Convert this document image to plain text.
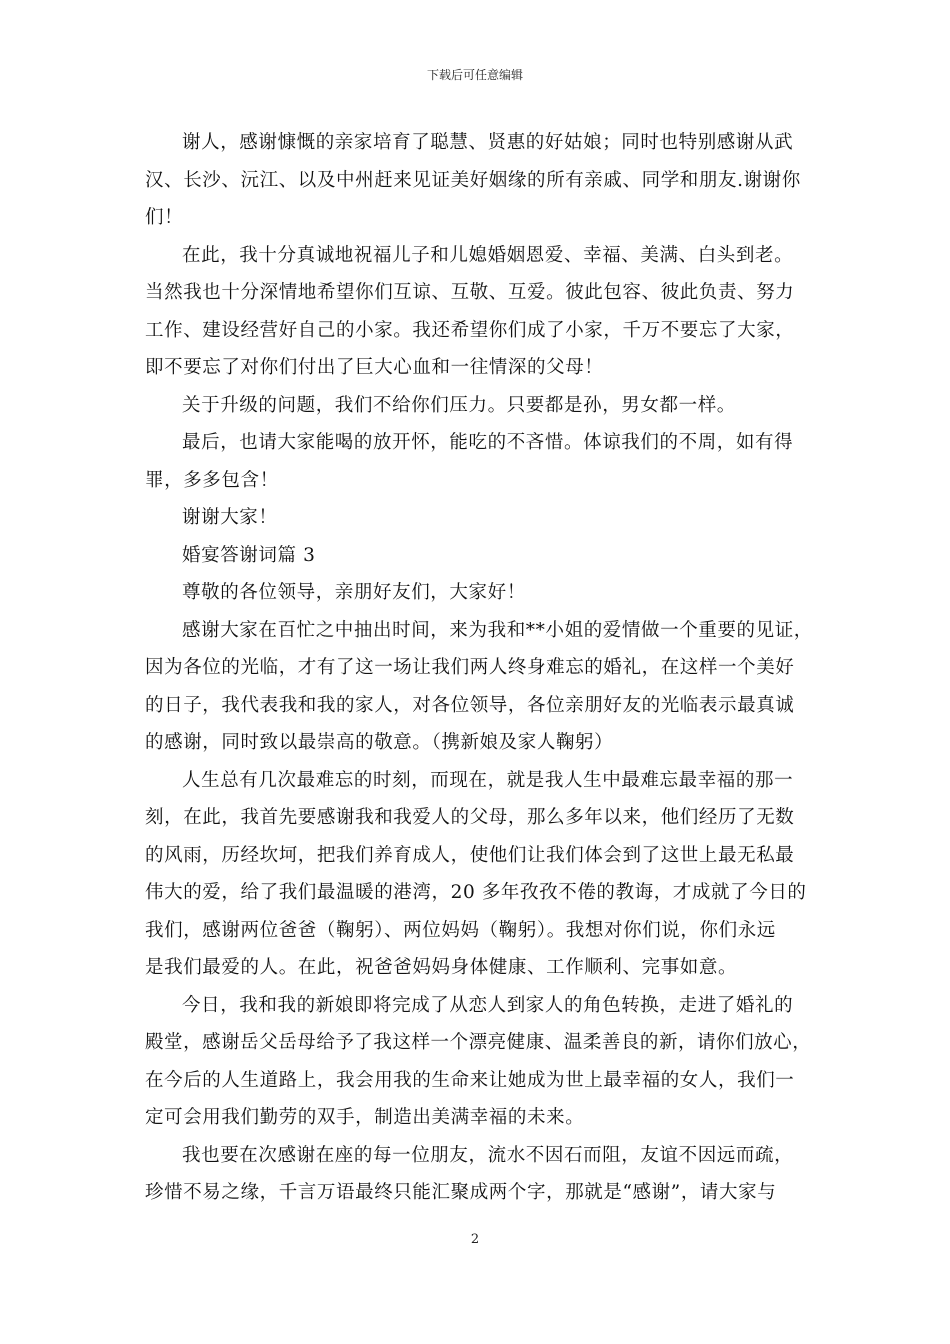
下载后可任意编辑
谢人，感谢慷慨的亲家培育了聪慧、贤惠的好姑娘；同时也特别感谢从武
汉、长沙、沅江、以及中州赶来见证美好姻缘的所有亲戚、同学和朋友.谢谢你
们！
在此，我十分真诚地祝福儿子和儿媳婚姻恩爱、幸福、美满、白头到老。
当然我也十分深情地希望你们互谅、互敬、互爱。彼此包容、彼此负责、努力
工作、建设经营好自己的小家。我还希望你们成了小家，千万不要忘了大家，
即不要忘了对你们付出了巨大心血和一往情深的父母！
关于升级的问题，我们不给你们压力。只要都是孙，男女都一样。
最后，也请大家能喝的放开怀，能吃的不吝惜。体谅我们的不周，如有得
罪，多多包含！
谢谢大家！
婚宴答谢词篇 3
尊敬的各位领导，亲朋好友们，大家好！
感谢大家在百忙之中抽出时间，来为我和**小姐的爱情做一个重要的见证，
因为各位的光临，才有了这一场让我们两人终身难忘的婚礼，在这样一个美好
的日子，我代表我和我的家人，对各位领导，各位亲朋好友的光临表示最真诚
的感谢，同时致以最崇高的敬意。（携新娘及家人鞠躬）
人生总有几次最难忘的时刻，而现在，就是我人生中最难忘最幸福的那一
刻，在此，我首先要感谢我和我爱人的父母，那么多年以来，他们经历了无数
的风雨，历经坎坷，把我们养育成人，使他们让我们体会到了这世上最无私最
伟大的爱，给了我们最温暖的港湾，20 多年孜孜不倦的教诲，才成就了今日的
我们，感谢两位爸爸（鞠躬）、两位妈妈（鞠躬）。我想对你们说，你们永远
是我们最爱的人。在此，祝爸爸妈妈身体健康、工作顺利、完事如意。
今日，我和我的新娘即将完成了从恋人到家人的角色转换，走进了婚礼的
殿堂，感谢岳父岳母给予了我这样一个漂亮健康、温柔善良的新，请你们放心，
在今后的人生道路上，我会用我的生命来让她成为世上最幸福的女人，我们一
定可会用我们勤劳的双手，制造出美满幸福的未来。
我也要在次感谢在座的每一位朋友，流水不因石而阻，友谊不因远而疏，
珍惜不易之缘，千言万语最终只能汇聚成两个字，那就是“感谢”，请大家与
2
